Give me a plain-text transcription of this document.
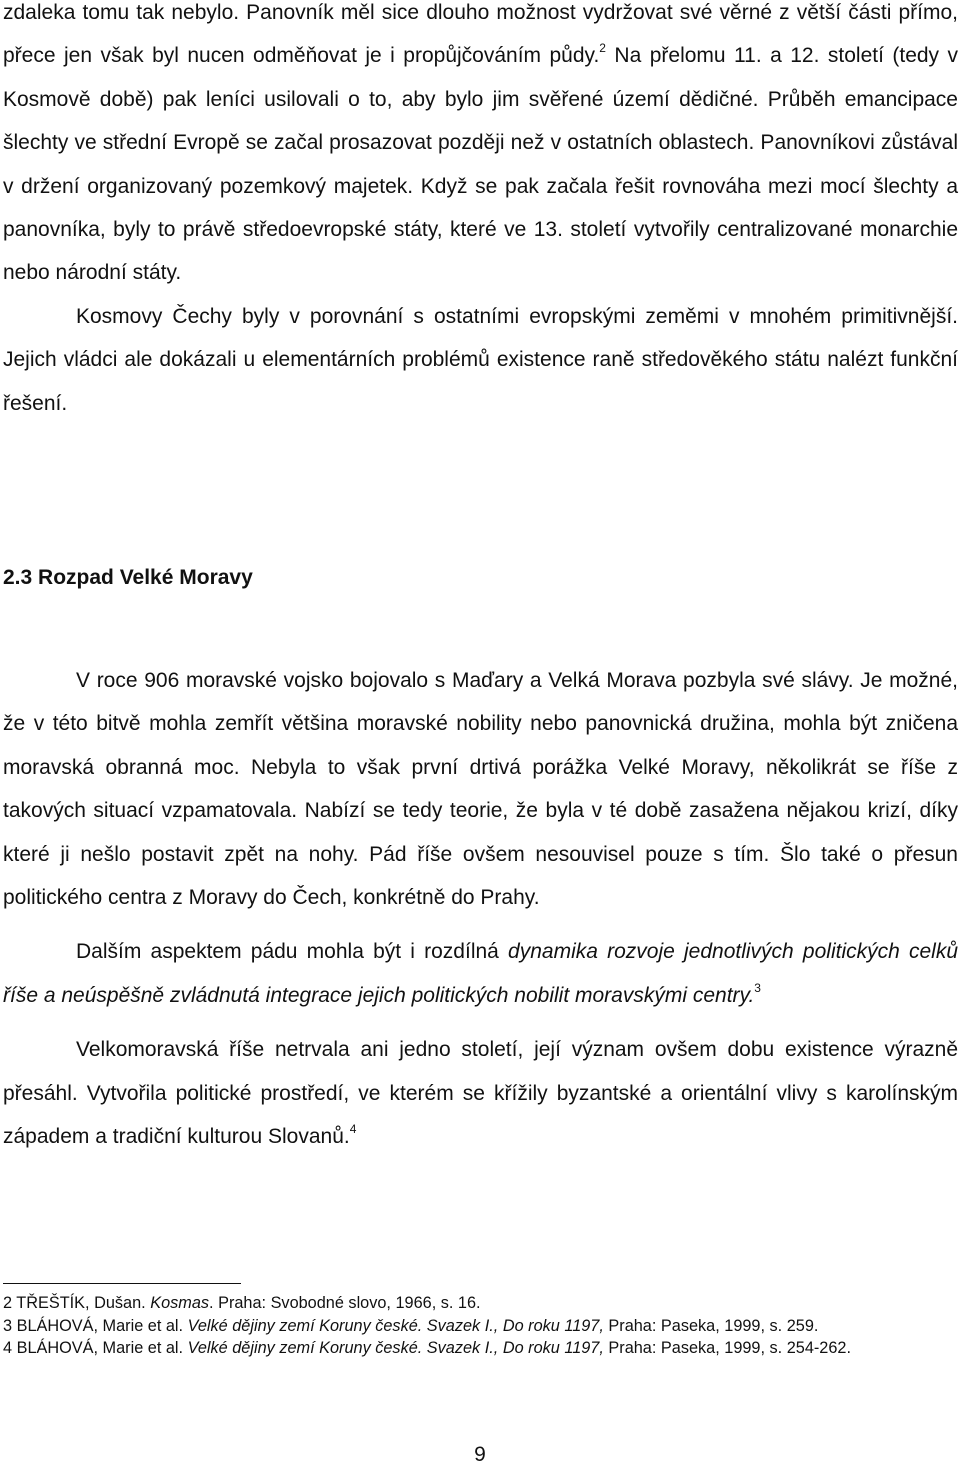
zdaleka tomu tak nebylo. Panovník měl sice dlouho možnost vydržovat své věrné z větší části přímo, přece jen však byl nucen odměňovat je i propůjčováním půdy.$^2$ Na přelomu 11. a 12. století (tedy v Kosmově době) pak leníci usilovali o to, aby bylo jim svěřené území dědičné. Průběh emancipace šlechty ve střední Evropě se začal prosazovat později než v ostatních oblastech. Panovníkovi zůstával v držení organizovaný pozemkový majetek. Když se pak začala řešit rovnováha mezi mocí šlechty a panovníka, byly to právě středoevropské státy, které ve 13. století vytvořily centralizované monarchie nebo národní státy.

Kosmovy Čechy byly v porovnání s ostatními evropskými zeměmi v mnohém primitivnější. Jejich vládci ale dokázali u elementárních problémů existence raně středověkého státu nalézt funkční řešení.

2.3 Rozpad Velké Moravy

V roce 906 moravské vojsko bojovalo s Maďary a Velká Morava pozbyla své slávy. Je možné, že v této bitvě mohla zemřít většina moravské nobility nebo panovnická družina, mohla být zničena moravská obranná moc. Nebyla to však první drtivá porážka Velké Moravy, několikrát se říše z takových situací vzpamatovala. Nabízí se tedy teorie, že byla v té době zasažena nějakou krizí, díky které ji nešlo postavit zpět na nohy. Pád říše ovšem nesouvisel pouze s tím. Šlo také o přesun politického centra z Moravy do Čech, konkrétně do Prahy.

Dalším aspektem pádu mohla být i rozdílná dynamika rozvoje jednotlivých politických celků říše a neúspěšně zvládnutá integrace jejich politických nobilit moravskými centry.$^3$

Velkomoravská říše netrvala ani jedno století, její význam ovšem dobu existence výrazně přesáhl. Vytvořila politické prostředí, ve kterém se křížily byzantské a orientální vlivy s karolínským západem a tradiční kulturou Slovanů.$^4$

2 TŘEŠTÍK, Dušan. Kosmas. Praha: Svobodné slovo, 1966, s. 16.

3 BLÁHOVÁ, Marie et al. Velké dějiny zemí Koruny české. Svazek I., Do roku 1197, Praha: Paseka, 1999, s. 259.

4 BLÁHOVÁ, Marie et al. Velké dějiny zemí Koruny české. Svazek I., Do roku 1197, Praha: Paseka, 1999, s. 254-262.

9
